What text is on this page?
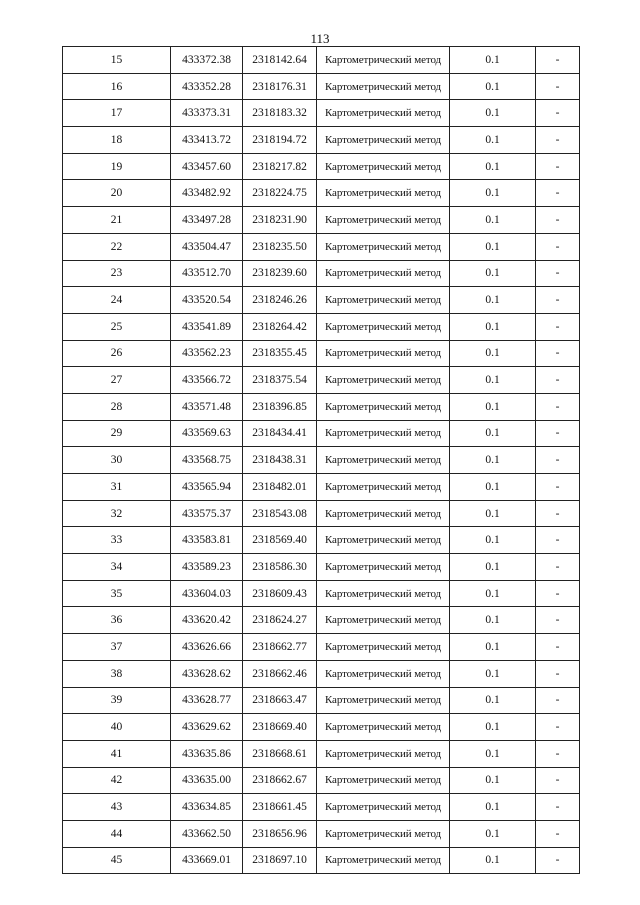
113
15	433372.38	2318142.64	Картометрический метод	0.1	-
16	433352.28	2318176.31	Картометрический метод	0.1	-
17	433373.31	2318183.32	Картометрический метод	0.1	-
18	433413.72	2318194.72	Картометрический метод	0.1	-
19	433457.60	2318217.82	Картометрический метод	0.1	-
20	433482.92	2318224.75	Картометрический метод	0.1	-
21	433497.28	2318231.90	Картометрический метод	0.1	-
22	433504.47	2318235.50	Картометрический метод	0.1	-
23	433512.70	2318239.60	Картометрический метод	0.1	-
24	433520.54	2318246.26	Картометрический метод	0.1	-
25	433541.89	2318264.42	Картометрический метод	0.1	-
26	433562.23	2318355.45	Картометрический метод	0.1	-
27	433566.72	2318375.54	Картометрический метод	0.1	-
28	433571.48	2318396.85	Картометрический метод	0.1	-
29	433569.63	2318434.41	Картометрический метод	0.1	-
30	433568.75	2318438.31	Картометрический метод	0.1	-
31	433565.94	2318482.01	Картометрический метод	0.1	-
32	433575.37	2318543.08	Картометрический метод	0.1	-
33	433583.81	2318569.40	Картометрический метод	0.1	-
34	433589.23	2318586.30	Картометрический метод	0.1	-
35	433604.03	2318609.43	Картометрический метод	0.1	-
36	433620.42	2318624.27	Картометрический метод	0.1	-
37	433626.66	2318662.77	Картометрический метод	0.1	-
38	433628.62	2318662.46	Картометрический метод	0.1	-
39	433628.77	2318663.47	Картометрический метод	0.1	-
40	433629.62	2318669.40	Картометрический метод	0.1	-
41	433635.86	2318668.61	Картометрический метод	0.1	-
42	433635.00	2318662.67	Картометрический метод	0.1	-
43	433634.85	2318661.45	Картометрический метод	0.1	-
44	433662.50	2318656.96	Картометрический метод	0.1	-
45	433669.01	2318697.10	Картометрический метод	0.1	-
